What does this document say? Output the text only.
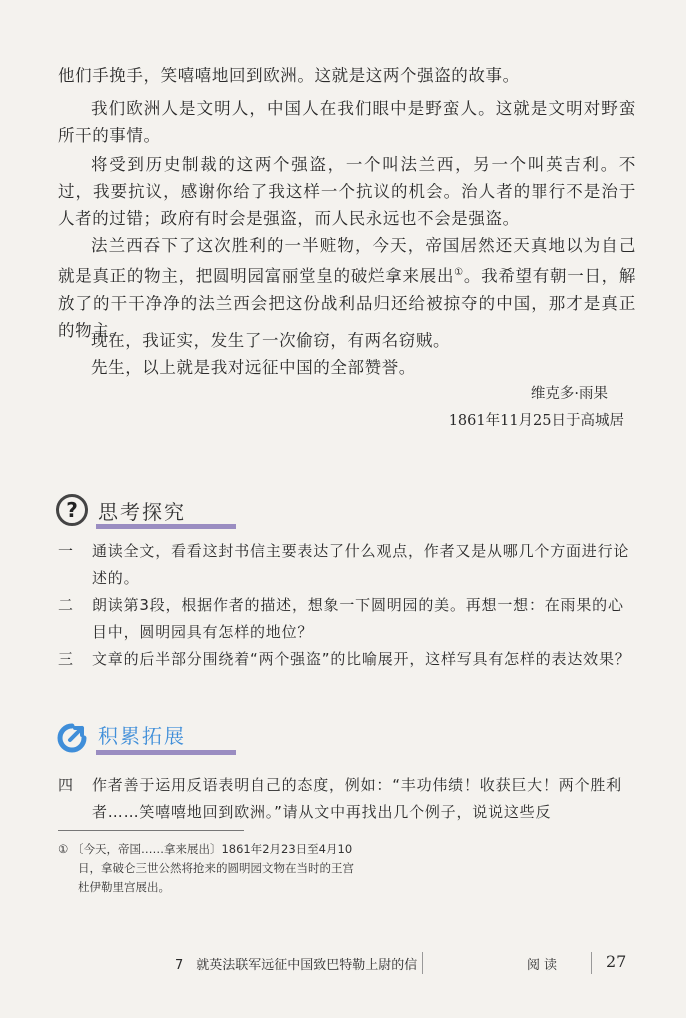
他们手挽手，笑嘻嘻地回到欧洲。这就是这两个强盗的故事。
我们欧洲人是文明人，中国人在我们眼中是野蛮人。这就是文明对野蛮所干的事情。
将受到历史制裁的这两个强盗，一个叫法兰西，另一个叫英吉利。不过，我要抗议，感谢你给了我这样一个抗议的机会。治人者的罪行不是治于人者的过错；政府有时会是强盗，而人民永远也不会是强盗。
法兰西吞下了这次胜利的一半赃物，今天，帝国居然还天真地以为自己就是真正的物主，把圆明园富丽堂皇的破烂拿来展出①。我希望有朝一日，解放了的干干净净的法兰西会把这份战利品归还给被掠夺的中国，那才是真正的物主。
现在，我证实，发生了一次偷窃，有两名窃贼。
先生，以上就是我对远征中国的全部赞誉。
维克多·雨果
1861年11月25日于高城居
?	思考探究
一	通读全文，看看这封书信主要表达了什么观点，作者又是从哪几个方面进行论述的。
二	朗读第3段，根据作者的描述，想象一下圆明园的美。再想一想：在雨果的心目中，圆明园具有怎样的地位？
三	文章的后半部分围绕着“两个强盗”的比喻展开，这样写具有怎样的表达效果？
积累拓展
四	作者善于运用反语表明自己的态度，例如：“丰功伟绩！收获巨大！两个胜利者……笑嘻嘻地回到欧洲。”请从文中再找出几个例子，说说这些反
① 〔今天，帝国……拿来展出〕1861年2月23日至4月10日，拿破仑三世公然将抢来的圆明园文物在当时的王宫杜伊勒里宫展出。
7　就英法联军远征中国致巴特勒上尉的信	阅读	27
